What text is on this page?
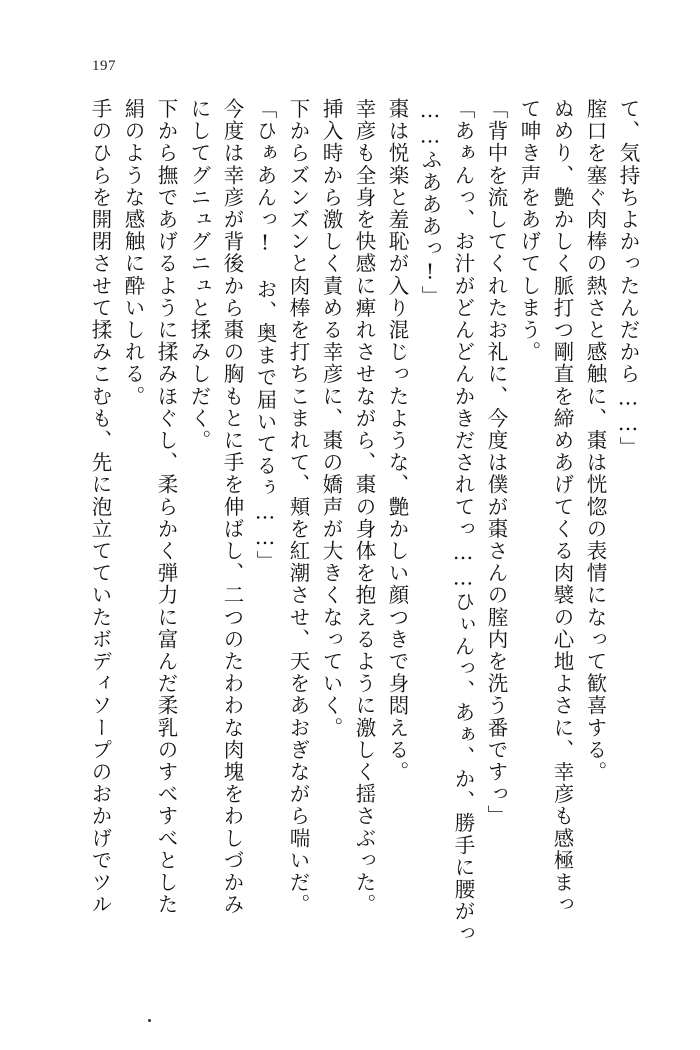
197
て、気持ちよかったんだから……」
腟口を塞ぐ肉棒の熱さと感触に、棗は恍惚の表情になって歓喜する。
ぬめり、艶かしく脈打つ剛直を締めあげてくる肉襞の心地よさに、幸彦も感極まっ
て呻き声をあげてしまう。
「背中を流してくれたお礼に、今度は僕が棗さんの腟内を洗う番ですっ」
「あぁんっ、お汁がどんどんかきだされてっ……ひぃんっ、あぁ、か、勝手に腰がっ
……ふあああっ!」
棗は悦楽と羞恥が入り混じったような、艶かしい顔つきで身悶える。
幸彦も全身を快感に痺れさせながら、棗の身体を抱えるように激しく揺さぶった。
挿入時から激しく責める幸彦に、棗の嬌声が大きくなっていく。
下からズンズンと肉棒を打ちこまれて、頬を紅潮させ、天をあおぎながら喘いだ。
「ひぁあんっ!　お、奥まで届いてるぅ……」
今度は幸彦が背後から棗の胸もとに手を伸ばし、二つのたわわな肉塊をわしづかみ
にしてグニュグニュと揉みしだく。
下から撫であげるように揉みほぐし、柔らかく弾力に富んだ柔乳のすべすべとした
絹のような感触に酔いしれる。
手のひらを開閉させて揉みこむも、先に泡立てていたボディソープのおかげでツル
